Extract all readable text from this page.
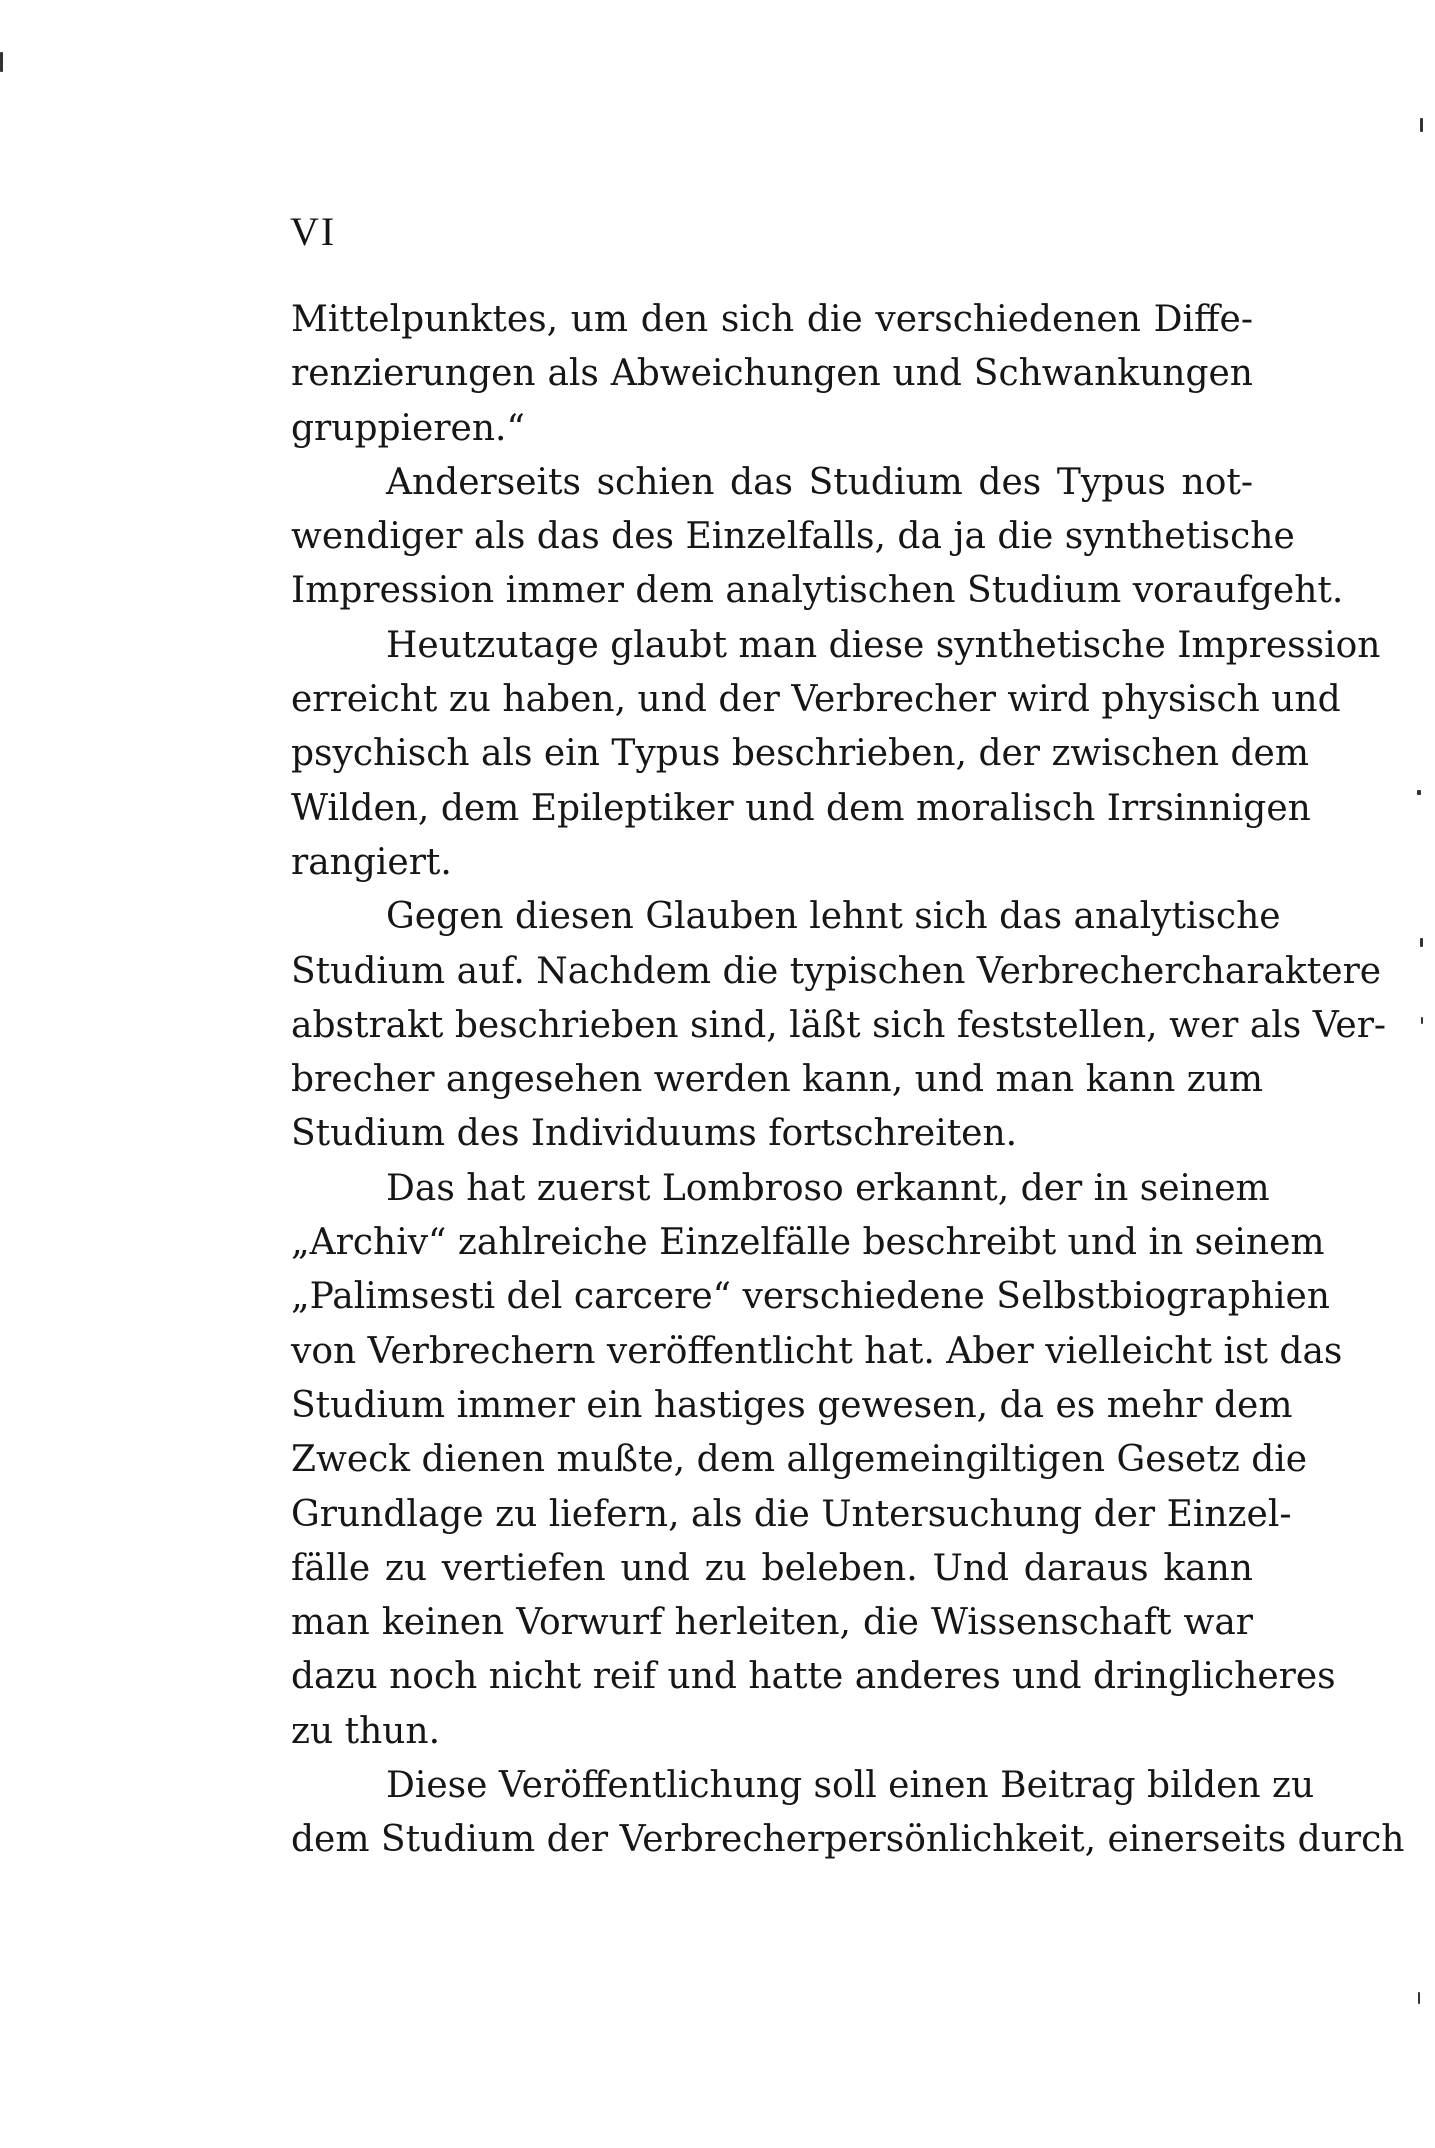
VI
Mittelpunktes, um den sich die verschiedenen Diffe-
renzierungen als Abweichungen und Schwankungen
gruppieren.“
Anderseits schien das Studium des Typus not-
wendiger als das des Einzelfalls, da ja die synthetische
Impression immer dem analytischen Studium voraufgeht.
Heutzutage glaubt man diese synthetische Impression
erreicht zu haben, und der Verbrecher wird physisch und
psychisch als ein Typus beschrieben, der zwischen dem
Wilden, dem Epileptiker und dem moralisch Irrsinnigen
rangiert.
Gegen diesen Glauben lehnt sich das analytische
Studium auf. Nachdem die typischen Verbrechercharaktere
abstrakt beschrieben sind, läßt sich feststellen, wer als Ver-
brecher angesehen werden kann, und man kann zum
Studium des Individuums fortschreiten.
Das hat zuerst Lombroso erkannt, der in seinem
„Archiv“ zahlreiche Einzelfälle beschreibt und in seinem
„Palimsesti del carcere“ verschiedene Selbstbiographien
von Verbrechern veröffentlicht hat. Aber vielleicht ist das
Studium immer ein hastiges gewesen, da es mehr dem
Zweck dienen mußte, dem allgemeingiltigen Gesetz die
Grundlage zu liefern, als die Untersuchung der Einzel-
fälle zu vertiefen und zu beleben. Und daraus kann
man keinen Vorwurf herleiten, die Wissenschaft war
dazu noch nicht reif und hatte anderes und dringlicheres
zu thun.
Diese Veröffentlichung soll einen Beitrag bilden zu
dem Studium der Verbrecherpersönlichkeit, einerseits durch
